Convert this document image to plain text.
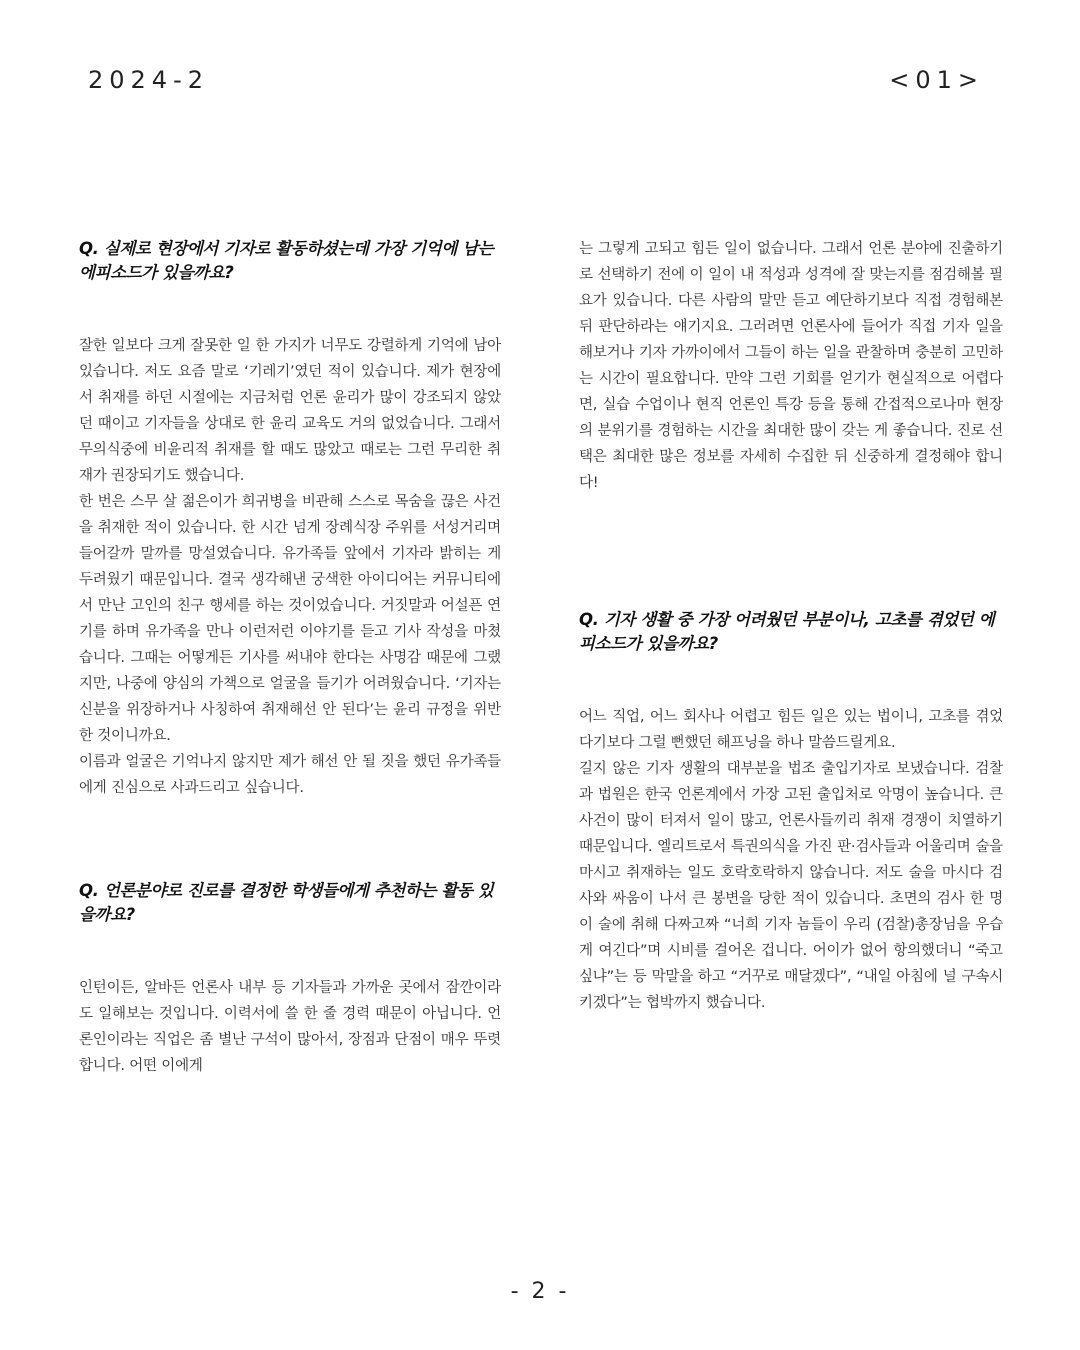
2024-2	<01>
Q. 실제로 현장에서 기자로 활동하셨는데 가장 기억에 남는 에피소드가 있을까요?
잘한 일보다 크게 잘못한 일 한 가지가 너무도 강렬하게 기억에 남아 있습니다. 저도 요즘 말로 ‘기레기’였던 적이 있습니다. 제가 현장에서 취재를 하던 시절에는 지금처럼 언론 윤리가 많이 강조되지 않았던 때이고 기자들을 상대로 한 윤리 교육도 거의 없었습니다. 그래서 무의식중에 비윤리적 취재를 할 때도 많았고 때로는 그런 무리한 취재가 권장되기도 했습니다.
한 번은 스무 살 젊은이가 희귀병을 비관해 스스로 목숨을 끊은 사건을 취재한 적이 있습니다. 한 시간 넘게 장례식장 주위를 서성거리며 들어갈까 말까를 망설였습니다. 유가족들 앞에서 기자라 밝히는 게 두려웠기 때문입니다. 결국 생각해낸 궁색한 아이디어는 커뮤니티에서 만난 고인의 친구 행세를 하는 것이었습니다. 거짓말과 어설픈 연기를 하며 유가족을 만나 이런저런 이야기를 듣고 기사 작성을 마쳤습니다. 그때는 어떻게든 기사를 써내야 한다는 사명감 때문에 그랬지만, 나중에 양심의 가책으로 얼굴을 들기가 어려웠습니다. ‘기자는 신분을 위장하거나 사칭하여 취재해선 안 된다’는 윤리 규정을 위반한 것이니까요.
이름과 얼굴은 기억나지 않지만 제가 해선 안 될 짓을 했던 유가족들에게 진심으로 사과드리고 싶습니다.
Q. 언론분야로 진로를 결정한 학생들에게 추천하는 활동 있을까요?
인턴이든, 알바든 언론사 내부 등 기자들과 가까운 곳에서 잠깐이라도 일해보는 것입니다. 이력서에 쓸 한 줄 경력 때문이 아닙니다. 언론인이라는 직업은 좀 별난 구석이 많아서, 장점과 단점이 매우 뚜렷합니다. 어떤 이에게
는 그렇게 고되고 힘든 일이 없습니다. 그래서 언론 분야에 진출하기로 선택하기 전에 이 일이 내 적성과 성격에 잘 맞는지를 점검해볼 필요가 있습니다. 다른 사람의 말만 듣고 예단하기보다 직접 경험해본 뒤 판단하라는 얘기지요. 그러려면 언론사에 들어가 직접 기자 일을 해보거나 기자 가까이에서 그들이 하는 일을 관찰하며 충분히 고민하는 시간이 필요합니다. 만약 그런 기회를 얻기가 현실적으로 어렵다면, 실습 수업이나 현직 언론인 특강 등을 통해 간접적으로나마 현장의 분위기를 경험하는 시간을 최대한 많이 갖는 게 좋습니다. 진로 선택은 최대한 많은 정보를 자세히 수집한 뒤 신중하게 결정해야 합니다!
Q. 기자 생활 중 가장 어려웠던 부분이나, 고초를 겪었던 에피소드가 있을까요?
어느 직업, 어느 회사나 어렵고 힘든 일은 있는 법이니, 고초를 겪었다기보다 그럴 뻔했던 해프닝을 하나 말씀드릴게요.
길지 않은 기자 생활의 대부분을 법조 출입기자로 보냈습니다. 검찰과 법원은 한국 언론계에서 가장 고된 출입처로 악명이 높습니다. 큰 사건이 많이 터져서 일이 많고, 언론사들끼리 취재 경쟁이 치열하기 때문입니다. 엘리트로서 특권의식을 가진 판·검사들과 어울리며 술을 마시고 취재하는 일도 호락호락하지 않습니다. 저도 술을 마시다 검사와 싸움이 나서 큰 봉변을 당한 적이 있습니다. 초면의 검사 한 명이 술에 취해 다짜고짜 “너희 기자 놈들이 우리 (검찰)총장님을 우습게 여긴다”며 시비를 걸어온 겁니다. 어이가 없어 항의했더니 “죽고 싶냐”는 등 막말을 하고 “거꾸로 매달겠다”, “내일 아침에 널 구속시키겠다”는 협박까지 했습니다.
- 2 -
